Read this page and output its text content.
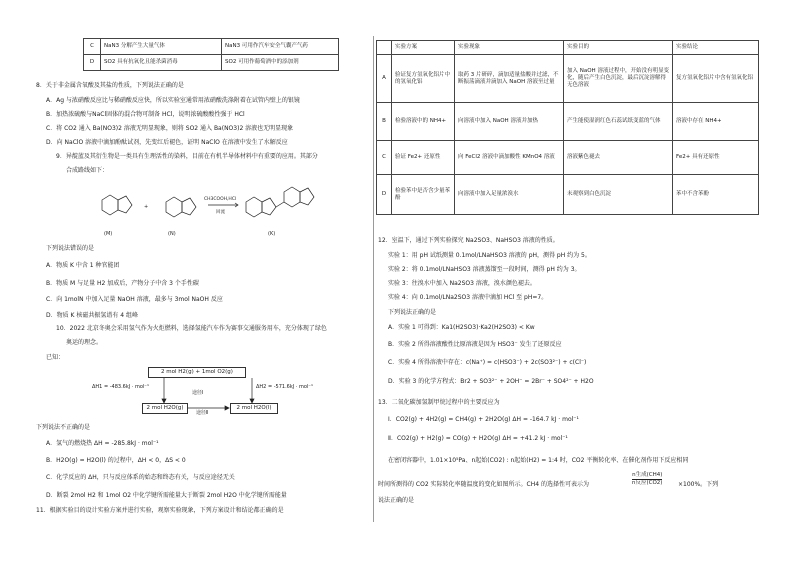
C	NaN3 分解产生大量气体	NaN3 可用作汽车安全气囊产气药
D	SO2 具有抗氧化且能杀菌消毒	SO2 可用作葡萄酒中的添加剂
8．关于非金属含氧酸及其盐的性质，下列说法正确的是
A．Ag 与浓硝酸反应比与稀硝酸反应快，所以实验室通常用浓硝酸洗涤附着在试管内壁上的银镜
B．加热浓硫酸与NaCl固体的混合物可制备 HCl，说明浓硫酸酸性强于 HCl
C．将 CO2 通入 Ba(NO3)2 溶液无明显现象，则将 SO2 通入 Ba(NO3)2 溶液也无明显现象
D．向 NaClO 溶液中滴加酚酞试剂，先变红后褪色，证明 NaClO 在溶液中发生了水解反应
9．异靛蓝及其衍生物是一类具有生理活性的染料，目前在有机半导体材料中有重要的应用。其部分
合成路线如下：
(M)
+
(N)
CH3COOH,HCl
回流
(K)
下列说法错误的是
A．物质 K 中含 1 种官能团
B．物质 M 与足量 H2 加成后，产物分子中含 3 个手性碳
C．向 1molN 中加入足量 NaOH 溶液，最多与 3mol NaOH 反应
D．物质 K 核磁共振氢谱有 4 组峰
10．2022 北京冬奥会采用氢气作为火炬燃料，选择氢能汽车作为赛事交通服务用车，充分体现了绿色
奥运的理念。
已知：
2 mol H2(g) + 1mol O2(g)
2 mol H2O(g)	2 mol H2O(l)
ΔH1 = -483.6kJ · mol⁻¹	ΔH2 = -571.6kJ · mol⁻¹
途径Ⅰ
途径Ⅱ
下列说法不正确的是
A．氢气的燃烧热 ΔH = -285.8kJ · mol⁻¹
B．H2O(g) = H2O(l) 的过程中，ΔH < 0，ΔS < 0
C．化学反应的 ΔH，只与反应体系的始态和终态有关，与反应途径无关
D．断裂 2mol H2 和 1mol O2 中化学键所需能量大于断裂 2mol H2O 中化学键所需能量
11．根据实验目的设计实验方案并进行实验，观察实验现象，下列方案设计和结论都正确的是
	实验方案	实验现象	实验目的	实验结论
A	验证复方氢氧化铝片中的氢氧化铝	取药 3 片研碎，滴加适量盐酸并过滤，不断振荡滴液并滴加入 NaOH 溶液至过量	加入 NaOH 溶液过程中，开始没有明显变化，随后产生白色沉淀，最后沉淀溶解得无色溶液	复方氢氧化铝片中含有氢氧化铝
B	检验溶液中的 NH4+	向溶液中加入 NaOH 溶液并加热	产生能使湿润红色石蕊试纸变蓝的气体	溶液中存在 NH4+
C	验证 Fe2+ 还原性	向 FeCl2 溶液中滴加酸性 KMnO4 溶液	溶液紫色褪去	Fe2+ 具有还原性
D	检验苯中是否含少量苯酚	向溶液中加入足量浓溴水	未观察到白色沉淀	苯中不含苯酚
12．室温下，通过下列实验探究 Na2SO3、NaHSO3 溶液的性质。
实验 1：用 pH 试纸测量 0.1mol/LNaHSO3 溶液的 pH，测得 pH 约为 5。
实验 2：将 0.1mol/LNaHSO3 溶液蒸馏至一段时间，测得 pH 约为 3。
实验 3：往溴水中加入 Na2SO3 溶液，溴水颜色褪去。
实验 4：向 0.1mol/LNa2SO3 溶液中滴加 HCl 至 pH=7。
下列说法正确的是
A．实验 1 可得到：Ka1(H2SO3)·Ka2(H2SO3) < Kw
B．实验 2 所得溶液酸性比原溶液是因为 HSO3⁻ 发生了还原反应
C．实验 4 所得溶液中存在：c(Na⁺) = c(HSO3⁻) + 2c(SO3²⁻) + c(Cl⁻)
D．实验 3 的化学方程式：Br2 + SO3²⁻ + 2OH⁻ = 2Br⁻ + SO4²⁻ + H2O
13．二氧化碳加氢制甲烷过程中的主要反应为
Ⅰ．CO2(g) + 4H2(g) = CH4(g) + 2H2O(g) ΔH = -164.7 kJ · mol⁻¹
Ⅱ．CO2(g) + H2(g) = CO(g) + H2O(g) ΔH = +41.2 kJ · mol⁻¹
在密闭容器中，1.01×10⁵Pa、n起始(CO2) : n起始(H2) = 1:4 时，CO2 平衡转化率、在催化剂作用下反应相同
时间所测得的 CO2 实际转化率随温度的变化如图所示。CH4 的选择性可表示为
n生成(CH4)
n反应(CO2)	×100%。下列
说法正确的是
